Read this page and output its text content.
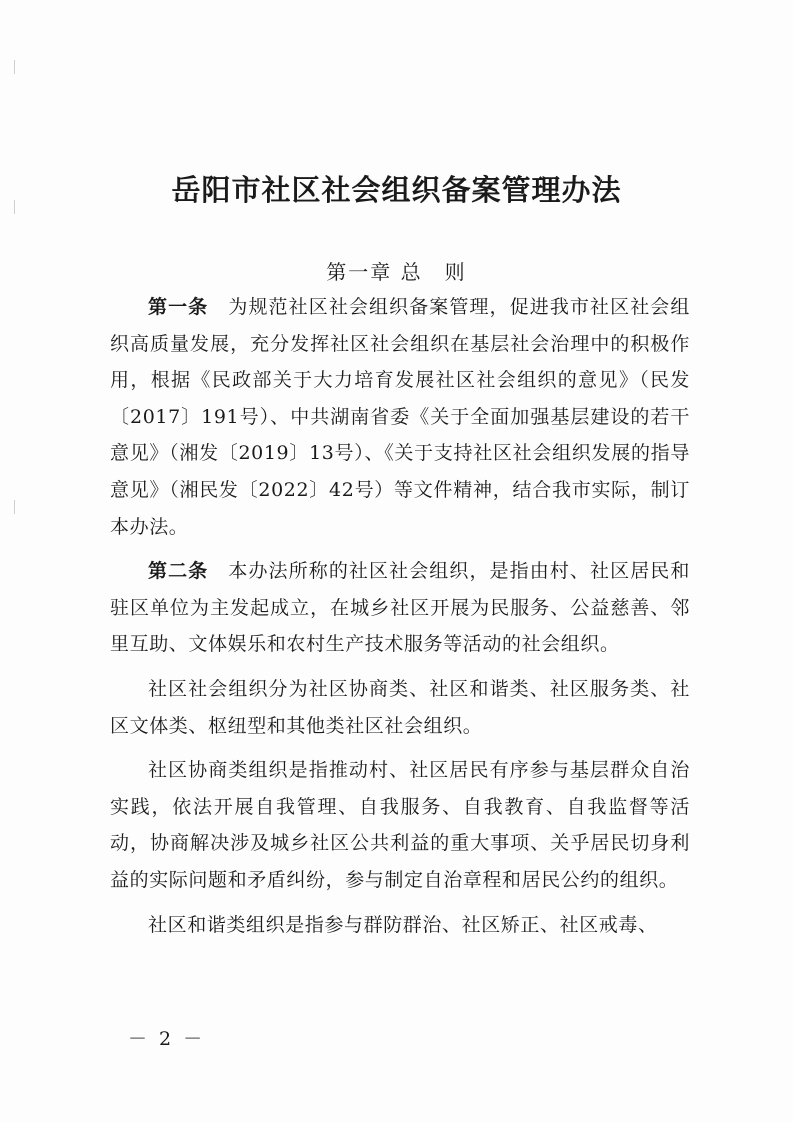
岳阳市社区社会组织备案管理办法
第一章 总　则

第一条　 为规范社区社会组织备案管理，促进我市社区社会组织高质量发展，充分发挥社区社会组织在基层社会治理中的积极作用，根据《民政部关于大力培育发展社区社会组织的意见》（民发〔2017〕191号）、中共湖南省委《关于全面加强基层建设的若干意见》（湘发〔2019〕13号）、《关于支持社区社会组织发展的指导意见》（湘民发〔2022〕42号）等文件精神，结合我市实际，制订本办法。

第二条　 本办法所称的社区社会组织，是指由村、社区居民和驻区单位为主发起成立，在城乡社区开展为民服务、公益慈善、邻里互助、文体娱乐和农村生产技术服务等活动的社会组织。

社区社会组织分为社区协商类、社区和谐类、社区服务类、社区文体类、枢纽型和其他类社区社会组织。

社区协商类组织是指推动村、社区居民有序参与基层群众自治实践，依法开展自我管理、自我服务、自我教育、自我监督等活动，协商解决涉及城乡社区公共利益的重大事项、关乎居民切身利益的实际问题和矛盾纠纷，参与制定自治章程和居民公约的组织。

社区和谐类组织是指参与群防群治、社区矫正、社区戒毒、

－ 2 －
